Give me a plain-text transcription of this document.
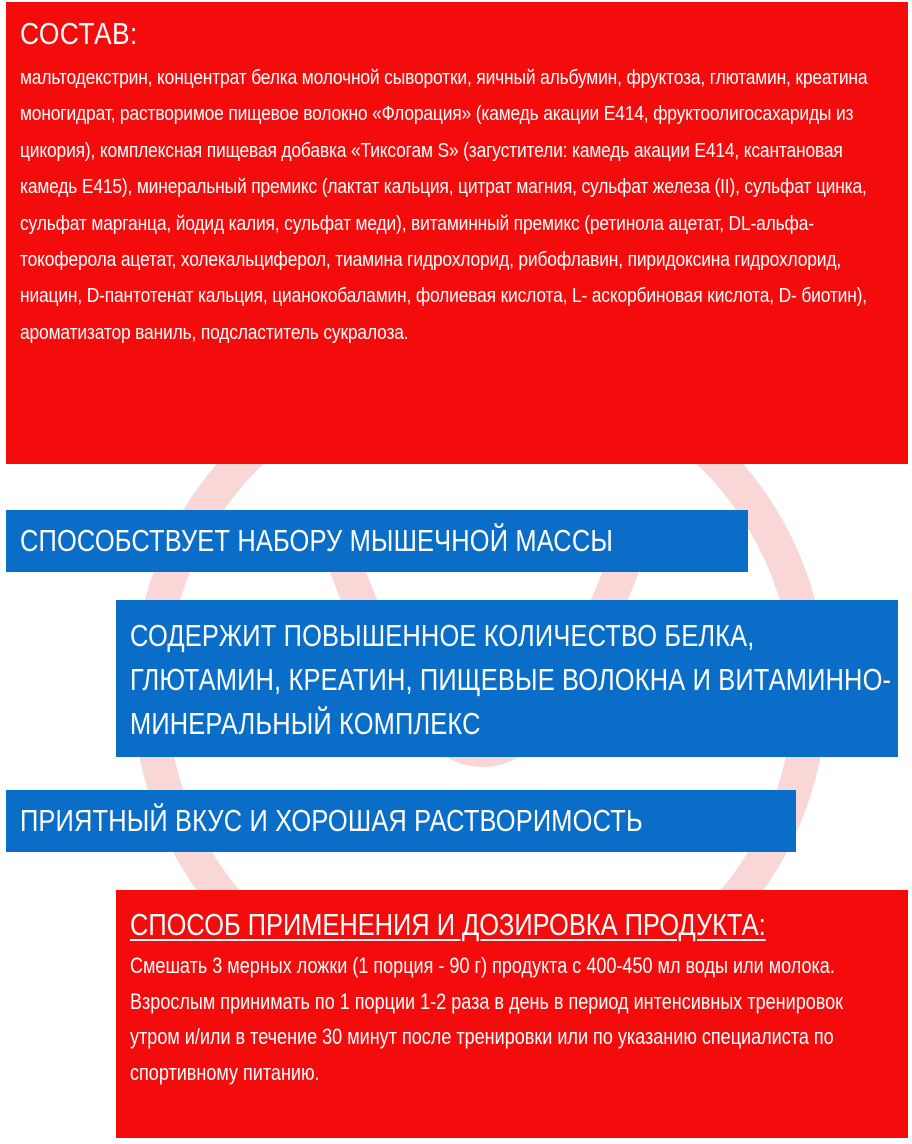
СОСТАВ:
мальтодекстрин, концентрат белка молочной сыворотки, яичный альбумин, фруктоза, глютамин, креатина моногидрат, растворимое пищевое волокно «Флорация» (камедь акации Е414, фруктоолигосахариды из цикория), комплексная пищевая добавка «Тиксогам S» (загустители: камедь акации Е414, ксантановая камедь Е415), минеральный премикс (лактат кальция, цитрат магния, сульфат железа (II), сульфат цинка, сульфат марганца, йодид калия, сульфат меди), витаминный премикс (ретинола ацетат, DL-альфа-токоферола ацетат, холекальциферол, тиамина гидрохлорид, рибофлавин, пиридоксина гидрохлорид, ниацин, D-пантотенат кальция, цианокобаламин, фолиевая кислота, L- аскорбиновая кислота, D- биотин), ароматизатор ваниль, подсластитель сукралоза.
СПОСОБСТВУЕТ НАБОРУ МЫШЕЧНОЙ МАССЫ
СОДЕРЖИТ ПОВЫШЕННОЕ КОЛИЧЕСТВО БЕЛКА, ГЛЮТАМИН, КРЕАТИН, ПИЩЕВЫЕ ВОЛОКНА И ВИТАМИННО-МИНЕРАЛЬНЫЙ КОМПЛЕКС
ПРИЯТНЫЙ ВКУС И ХОРОШАЯ РАСТВОРИМОСТЬ
СПОСОБ ПРИМЕНЕНИЯ И ДОЗИРОВКА ПРОДУКТА:
Смешать 3 мерных ложки (1 порция - 90 г) продукта с 400-450 мл воды или молока. Взрослым принимать по 1 порции 1-2 раза в день в период интенсивных тренировок утром и/или в течение 30 минут после тренировки или по указанию специалиста по спортивному питанию.
